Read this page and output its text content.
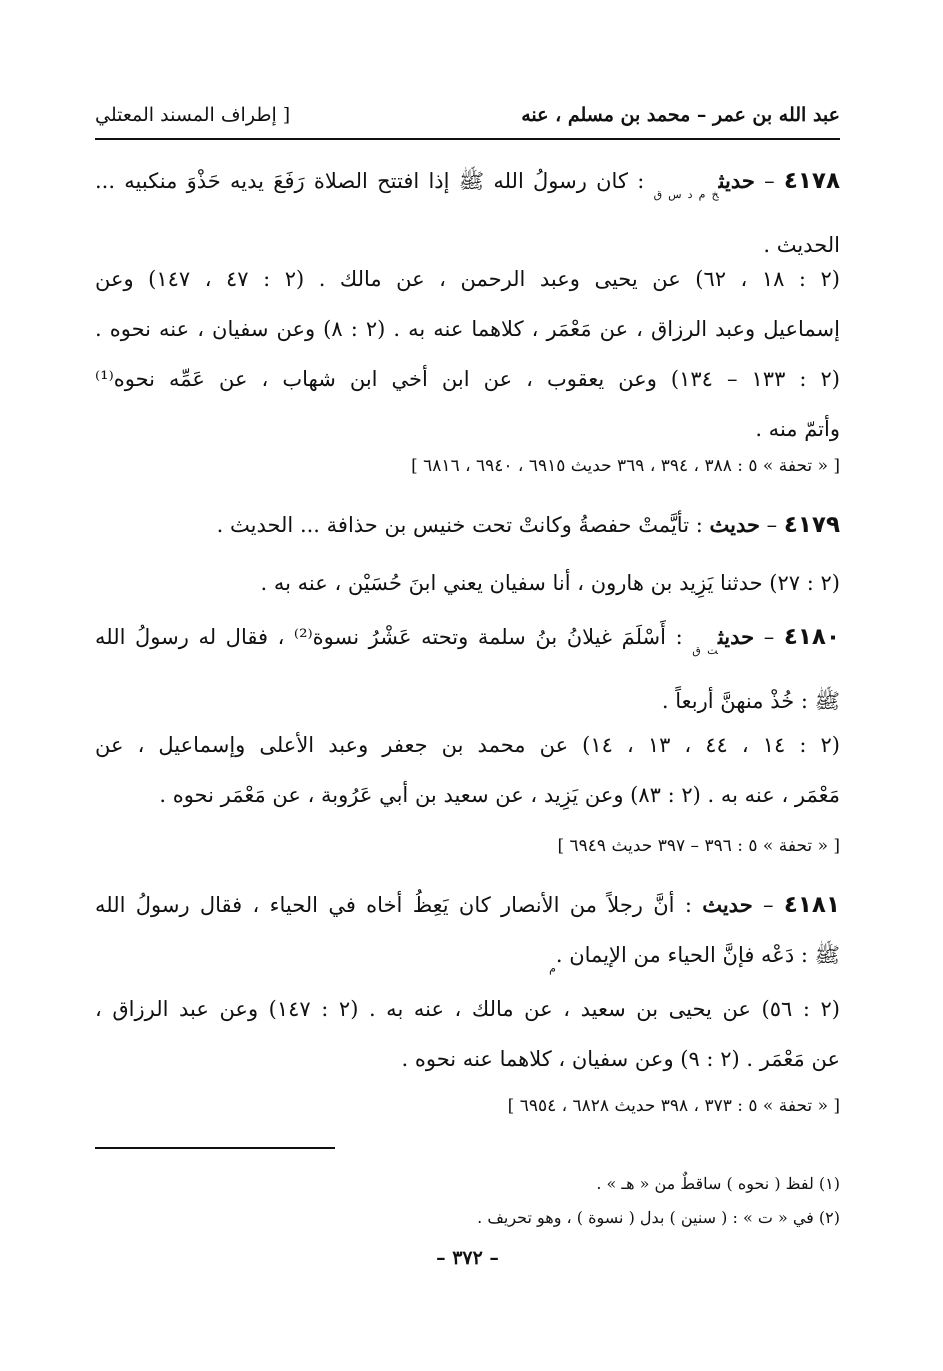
عبد الله بن عمر – محمد بن مسلم ، عنه
[ إطراف المسند المعتلي
٤١٧٨ – حديث$_{خ م د س ق}$ : كان رسولُ الله ﷺ إذا افتتح الصلاة رَفَعَ يديه حَذْوَ منكبيه ...
الحديث .
(٢ : ١٨ ، ٦٢) عن يحيى وعبد الرحمن ، عن مالك . (٢ : ٤٧ ، ١٤٧) وعن
إسماعيل وعبد الرزاق ، عن مَعْمَر ، كلاهما عنه به . (٢ : ٨) وعن سفيان ، عنه نحوه .
(٢ : ١٣٣ – ١٣٤) وعن يعقوب ، عن ابن أخي ابن شهاب ، عن عَمِّه نحوه⁽¹⁾
وأتمّ منه .
[ « تحفة » ٥ : ٣٨٨ ، ٣٩٤ ، ٣٦٩ حديث ٦٩١٥ ، ٦٩٤٠ ، ٦٨١٦ ]
٤١٧٩ – حديث : تأيَّمتْ حفصةُ وكانتْ تحت خنيس بن حذافة ... الحديث .
(٢ : ٢٧) حدثنا يَزِيد بن هارون ، أنا سفيان يعني ابنَ حُسَيْن ، عنه به .
٤١٨٠ – حديث$_{ت ق}$ : أَسْلَمَ غيلانُ بنُ سلمة وتحته عَشْرُ نسوة⁽²⁾ ، فقال له رسولُ الله
ﷺ : خُذْ منهنَّ أربعاً .
(٢ : ١٤ ، ٤٤ ، ١٣ ، ١٤) عن محمد بن جعفر وعبد الأعلى وإسماعيل ، عن
مَعْمَر ، عنه به . (٢ : ٨٣) وعن يَزِيد ، عن سعيد بن أبي عَرُوبة ، عن مَعْمَر نحوه .
[ « تحفة » ٥ : ٣٩٦ – ٣٩٧ حديث ٦٩٤٩ ]
٤١٨١ – حديث : أنَّ رجلاً من الأنصار كان يَعِظُ أخاه في الحياء ، فقال رسولُ الله
ﷺ : دَعْه فإنَّ الحياء من الإيمان $._م$
(٢ : ٥٦) عن يحيى بن سعيد ، عن مالك ، عنه به . (٢ : ١٤٧) وعن عبد الرزاق ،
عن مَعْمَر . (٢ : ٩) وعن سفيان ، كلاهما عنه نحوه .
[ « تحفة » ٥ : ٣٧٣ ، ٣٩٨ حديث ٦٨٢٨ ، ٦٩٥٤ ]
(١) لفظ ( نحوه ) ساقطٌ من « هـ » .
(٢) في « ت » : ( سنين ) بدل ( نسوة ) ، وهو تحريف .
– ٣٧٢ –
